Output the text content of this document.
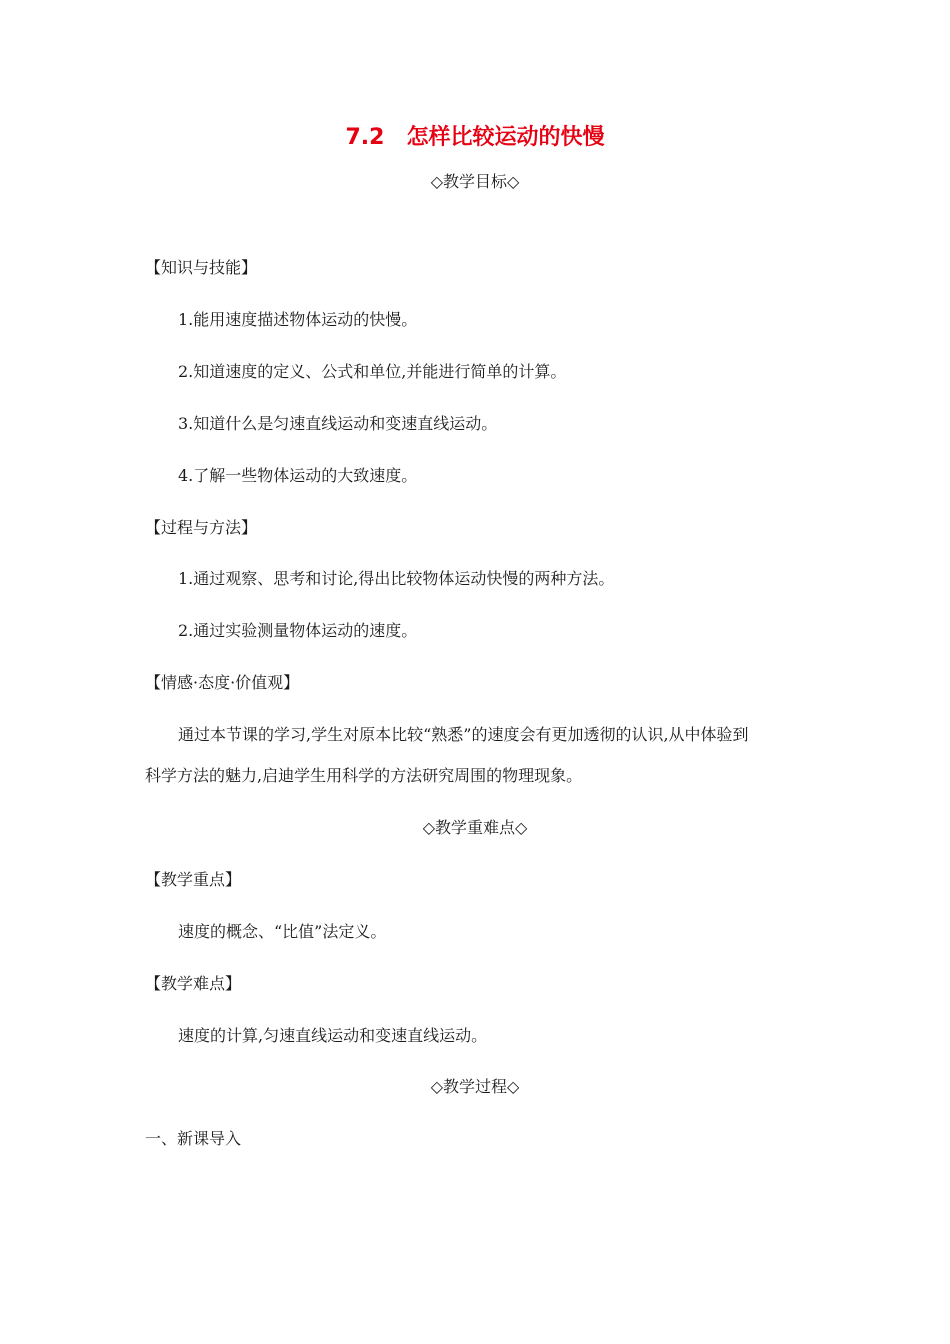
7.2　怎样比较运动的快慢
◇教学目标◇
【知识与技能】
1.能用速度描述物体运动的快慢。
2.知道速度的定义、公式和单位,并能进行简单的计算。
3.知道什么是匀速直线运动和变速直线运动。
4.了解一些物体运动的大致速度。
【过程与方法】
1.通过观察、思考和讨论,得出比较物体运动快慢的两种方法。
2.通过实验测量物体运动的速度。
【情感·态度·价值观】
通过本节课的学习,学生对原本比较“熟悉”的速度会有更加透彻的认识,从中体验到
科学方法的魅力,启迪学生用科学的方法研究周围的物理现象。
◇教学重难点◇
【教学重点】
速度的概念、“比值”法定义。
【教学难点】
速度的计算,匀速直线运动和变速直线运动。
◇教学过程◇
一、新课导入
